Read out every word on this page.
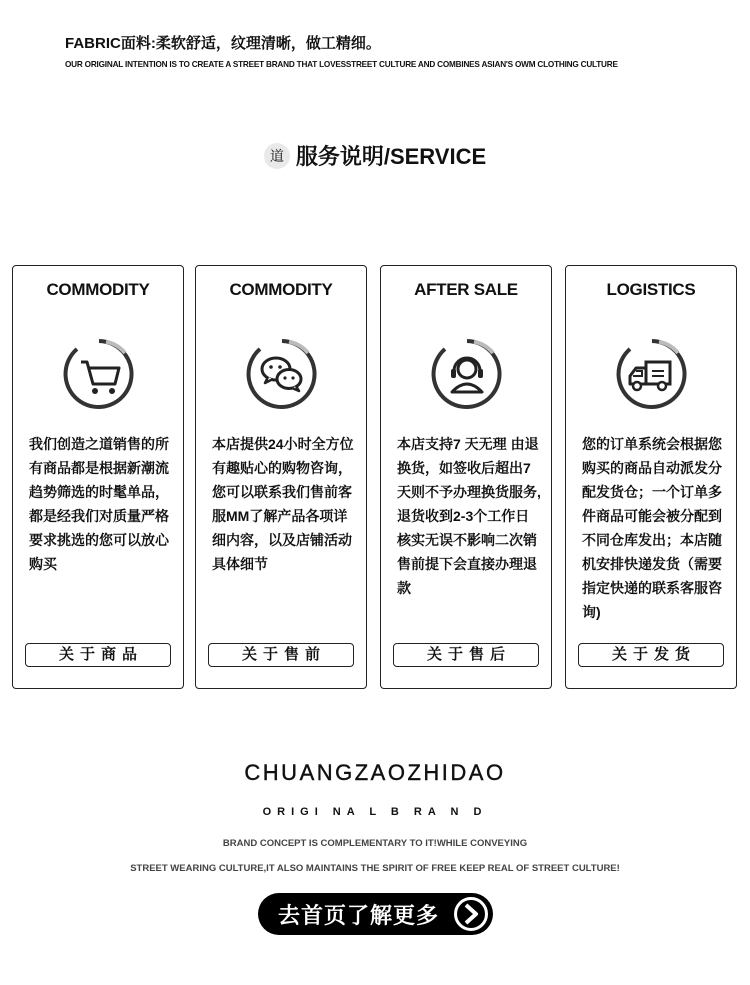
FABRIC面料:柔软舒适，纹理清晰，做工精细。
OUR ORIGINAL INTENTION IS TO CREATE A STREET BRAND THAT LOVESSTREET CULTURE AND COMBINES ASIAN'S OWM CLOTHING CULTURE
道 服务说明/SERVICE
COMMODITY
我们创造之道销售的所有商品都是根据新潮流趋势筛选的时髦单品，都是经我们对质量严格要求挑选的您可以放心购买
关于商品
COMMODITY
本店提供24小时全方位有趣贴心的购物咨询，您可以联系我们售前客服MM了解产品各项详细内容，以及店铺活动具体细节
关于售前
AFTER SALE
本店支持7 天无理 由退换货，如签收后超出7天则不予办理换货服务,退货收到2-3个工作日核实无误不影响二次销售前提下会直接办理退款
关于售后
LOGISTICS
您的订单系统会根据您购买的商品自动派发分配发货仓；一个订单多件商品可能会被分配到不同仓库发出；本店随机安排快递发货（需要指定快递的联系客服咨询)
关于发货
CHUANGZAOZHIDAO
ORIGI NA L B RA N D
BRAND CONCEPT IS COMPLEMENTARY TO IT!WHILE CONVEYING
STREET WEARING CULTURE,IT ALSO MAINTAINS THE SPIRIT OF FREE KEEP REAL OF STREET CULTURE!
去首页了解更多
